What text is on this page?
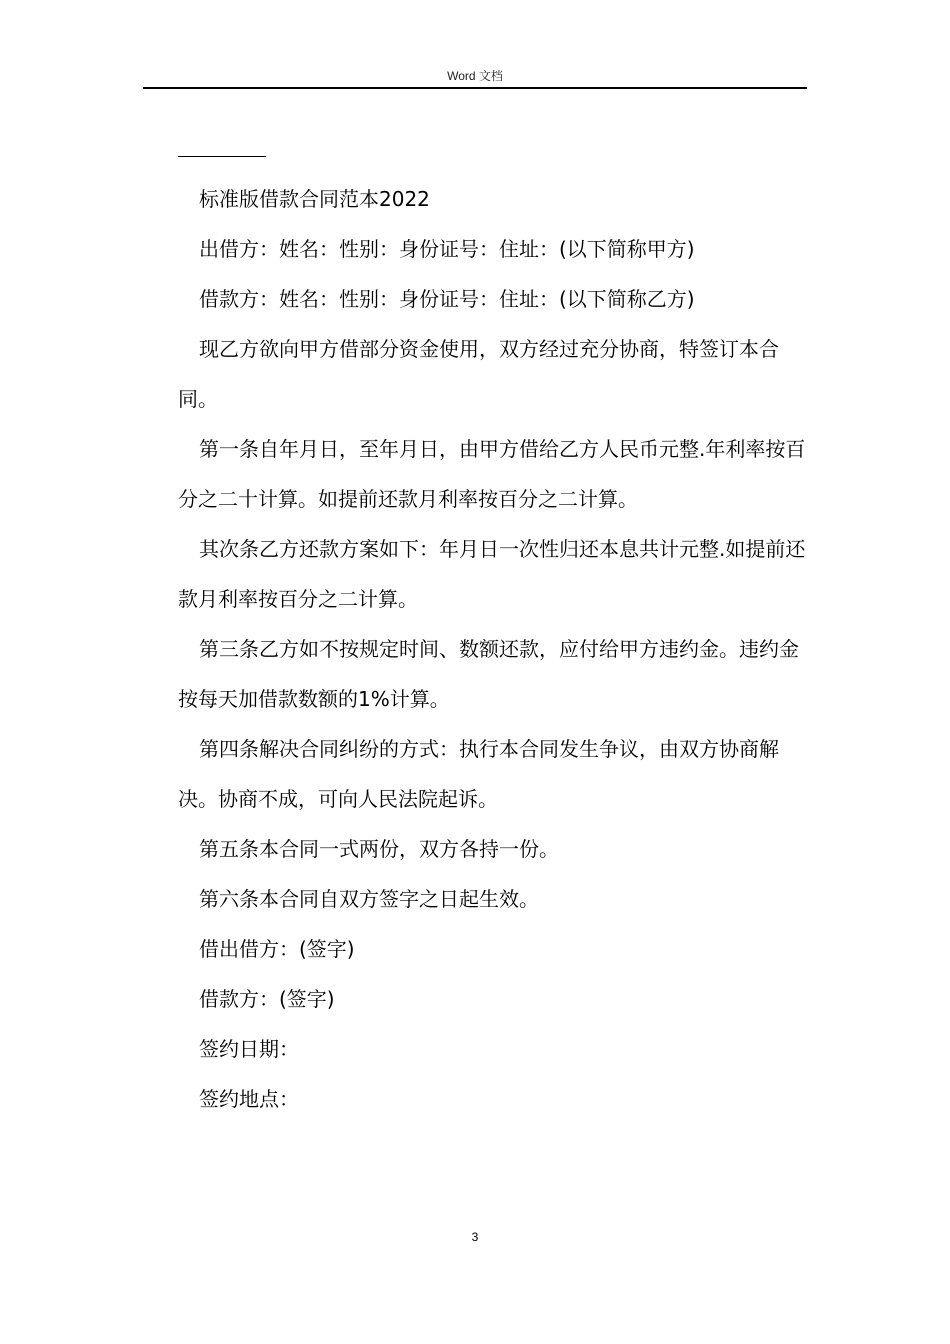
Word 文档

标准版借款合同范本2022

出借方：姓名：性别：身份证号：住址：(以下简称甲方)

借款方：姓名：性别：身份证号：住址：(以下简称乙方)

现乙方欲向甲方借部分资金使用，双方经过充分协商，特签订本合同。

第一条自年月日，至年月日，由甲方借给乙方人民币元整.年利率按百分之二十计算。如提前还款月利率按百分之二计算。

其次条乙方还款方案如下：年月日一次性归还本息共计元整.如提前还款月利率按百分之二计算。

第三条乙方如不按规定时间、数额还款，应付给甲方违约金。违约金按每天加借款数额的1%计算。

第四条解决合同纠纷的方式：执行本合同发生争议，由双方协商解决。协商不成，可向人民法院起诉。

第五条本合同一式两份，双方各持一份。

第六条本合同自双方签字之日起生效。

借出借方：(签字)

借款方：(签字)

签约日期：

签约地点：

3
